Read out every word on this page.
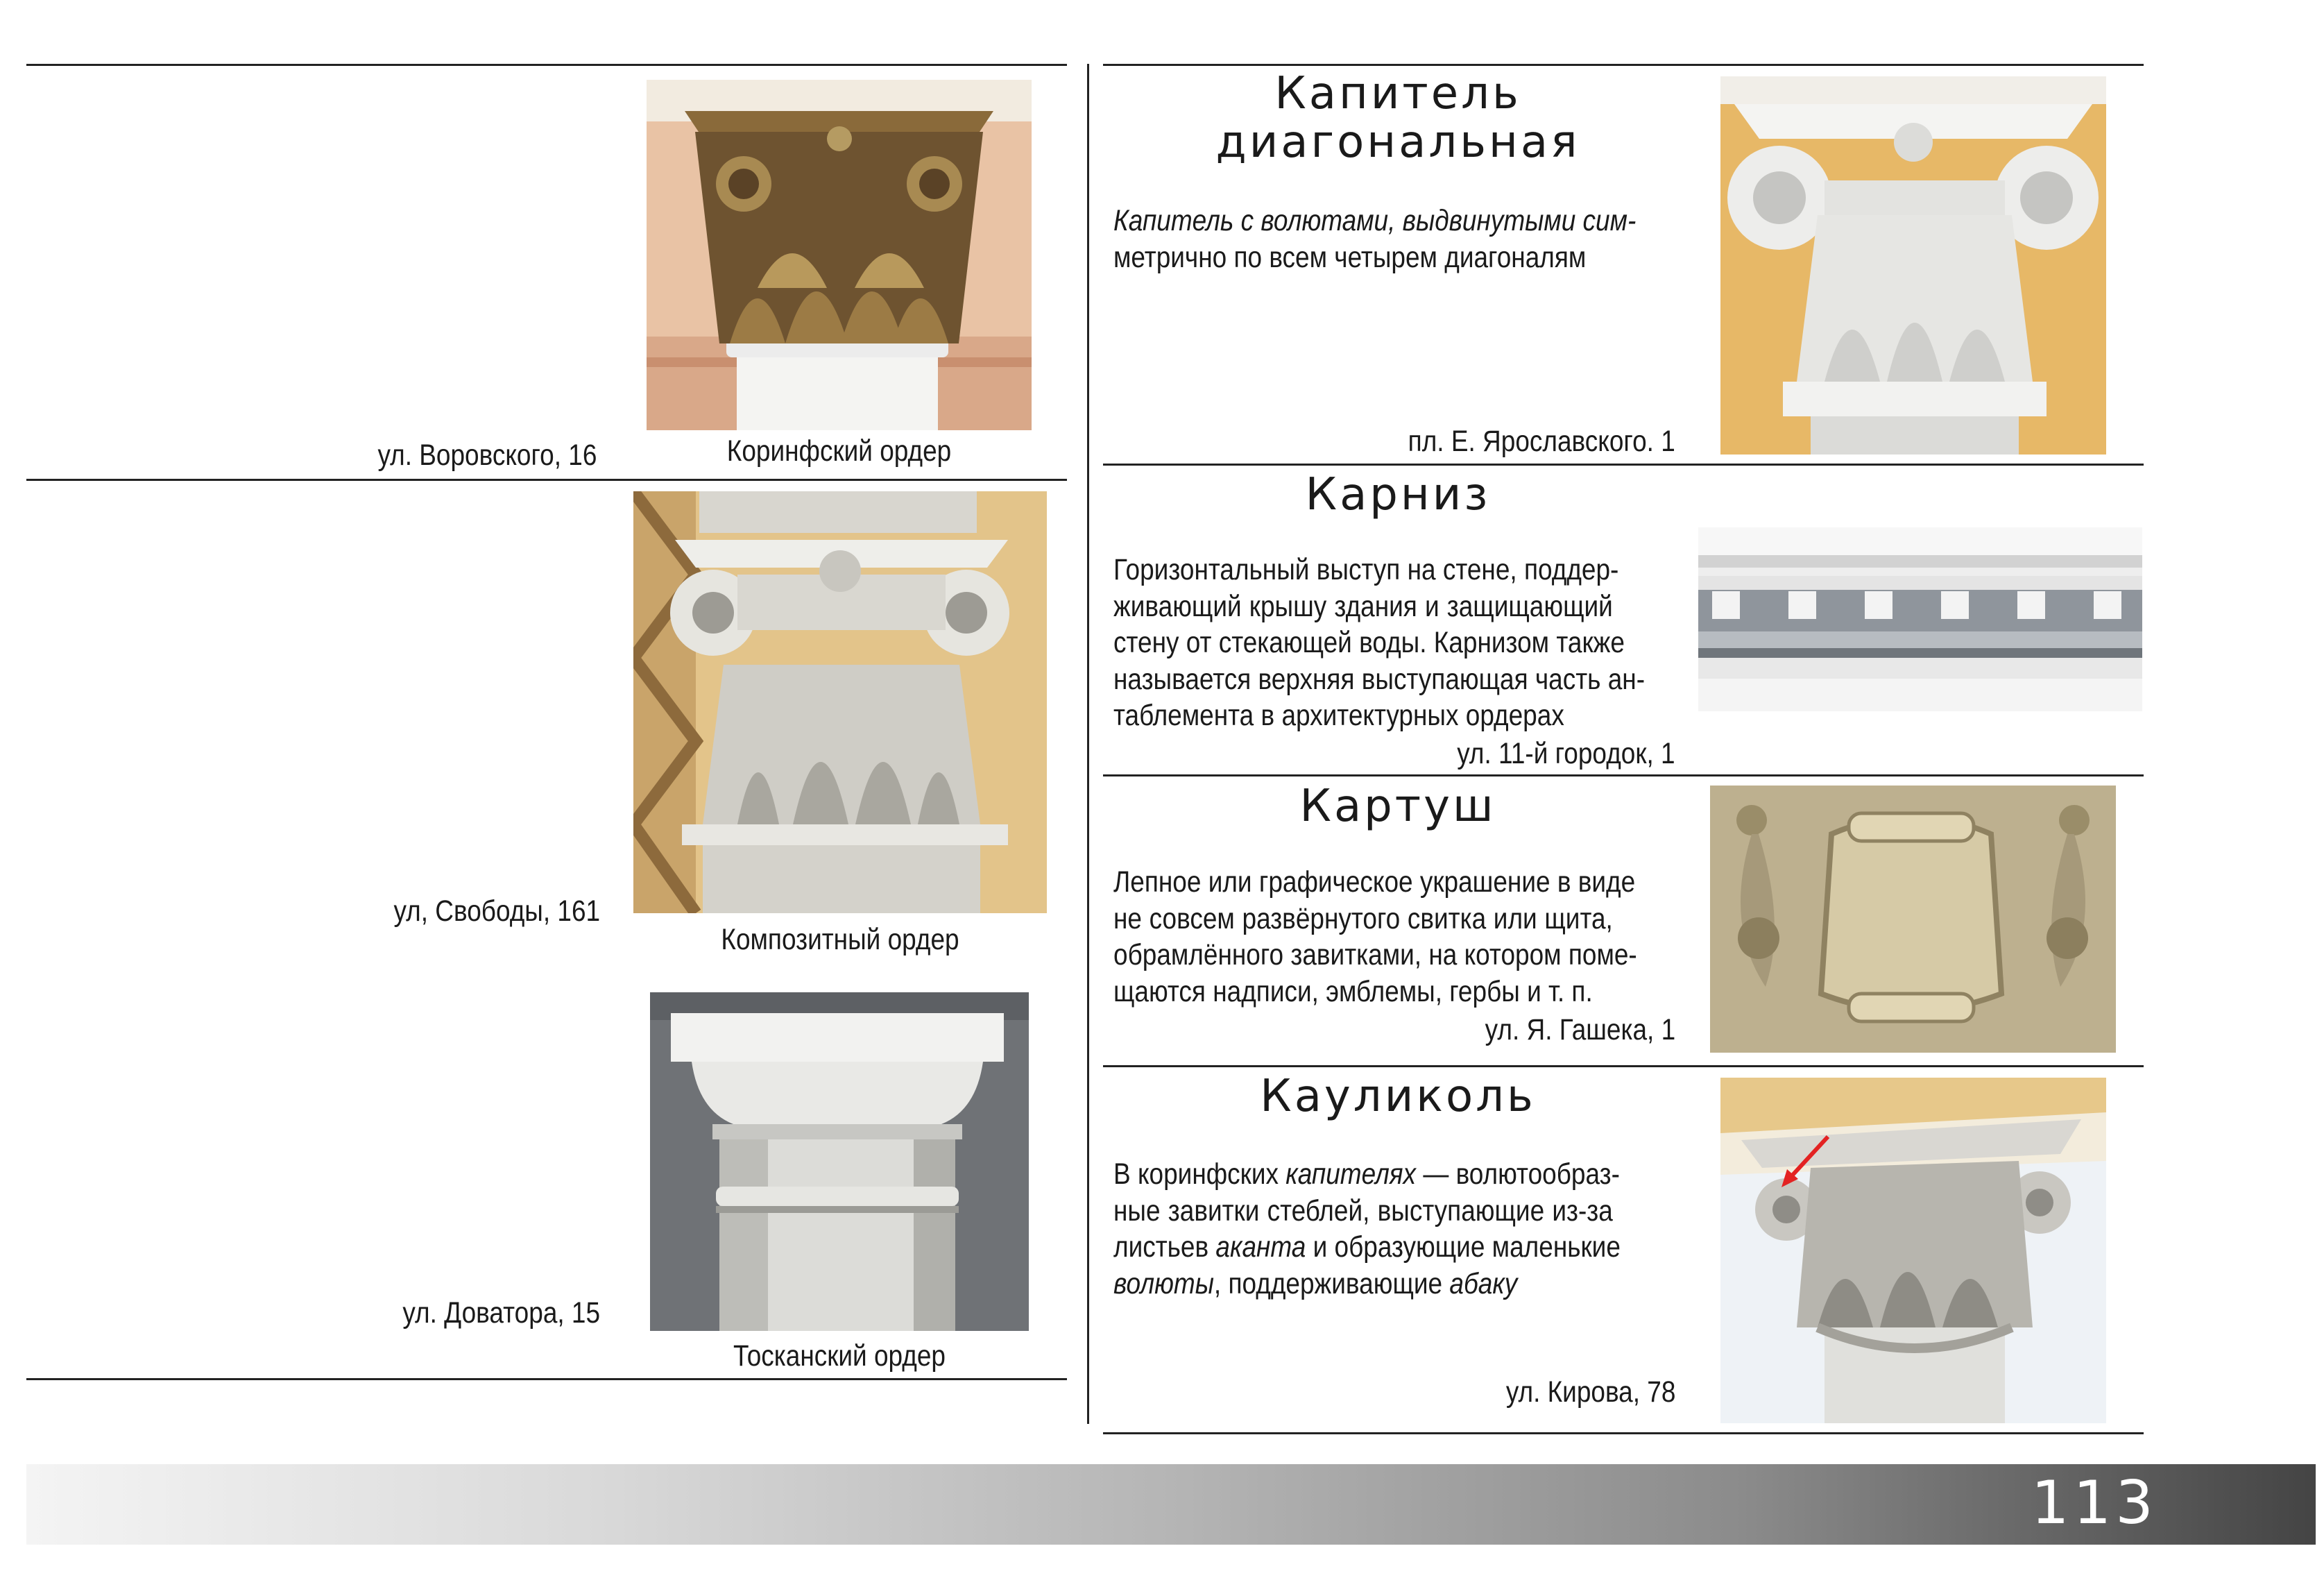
ул. Воровского, 16	Коринфский ордер
ул, Свободы, 161
Композитный ордер
ул. Доватора, 15
Тосканский ордер
Капитель
диагональная
Капитель с волютами, выдвинутыми сим-
метрично по всем четырем диагоналям
пл. Е. Ярославского. 1
Карниз
Горизонтальный выступ на стене, поддер-
живающий крышу здания и защищающий
стену от стекающей воды. Карнизом также
называется верхняя выступающая часть ан-
таблемента в архитектурных ордерах
ул. 11-й городок, 1
Картуш
Лепное или графическое украшение в виде
не совсем развёрнутого свитка или щита,
обрамлённого завитками, на котором поме-
щаются надписи, эмблемы, гербы и т. п.
ул. Я. Гашека, 1
Кауликоль
В коринфских капителях — волютообраз-
ные завитки стеблей, выступающие из-за
листьев аканта и образующие маленькие
волюты, поддерживающие абаку
ул. Кирова, 78
113
